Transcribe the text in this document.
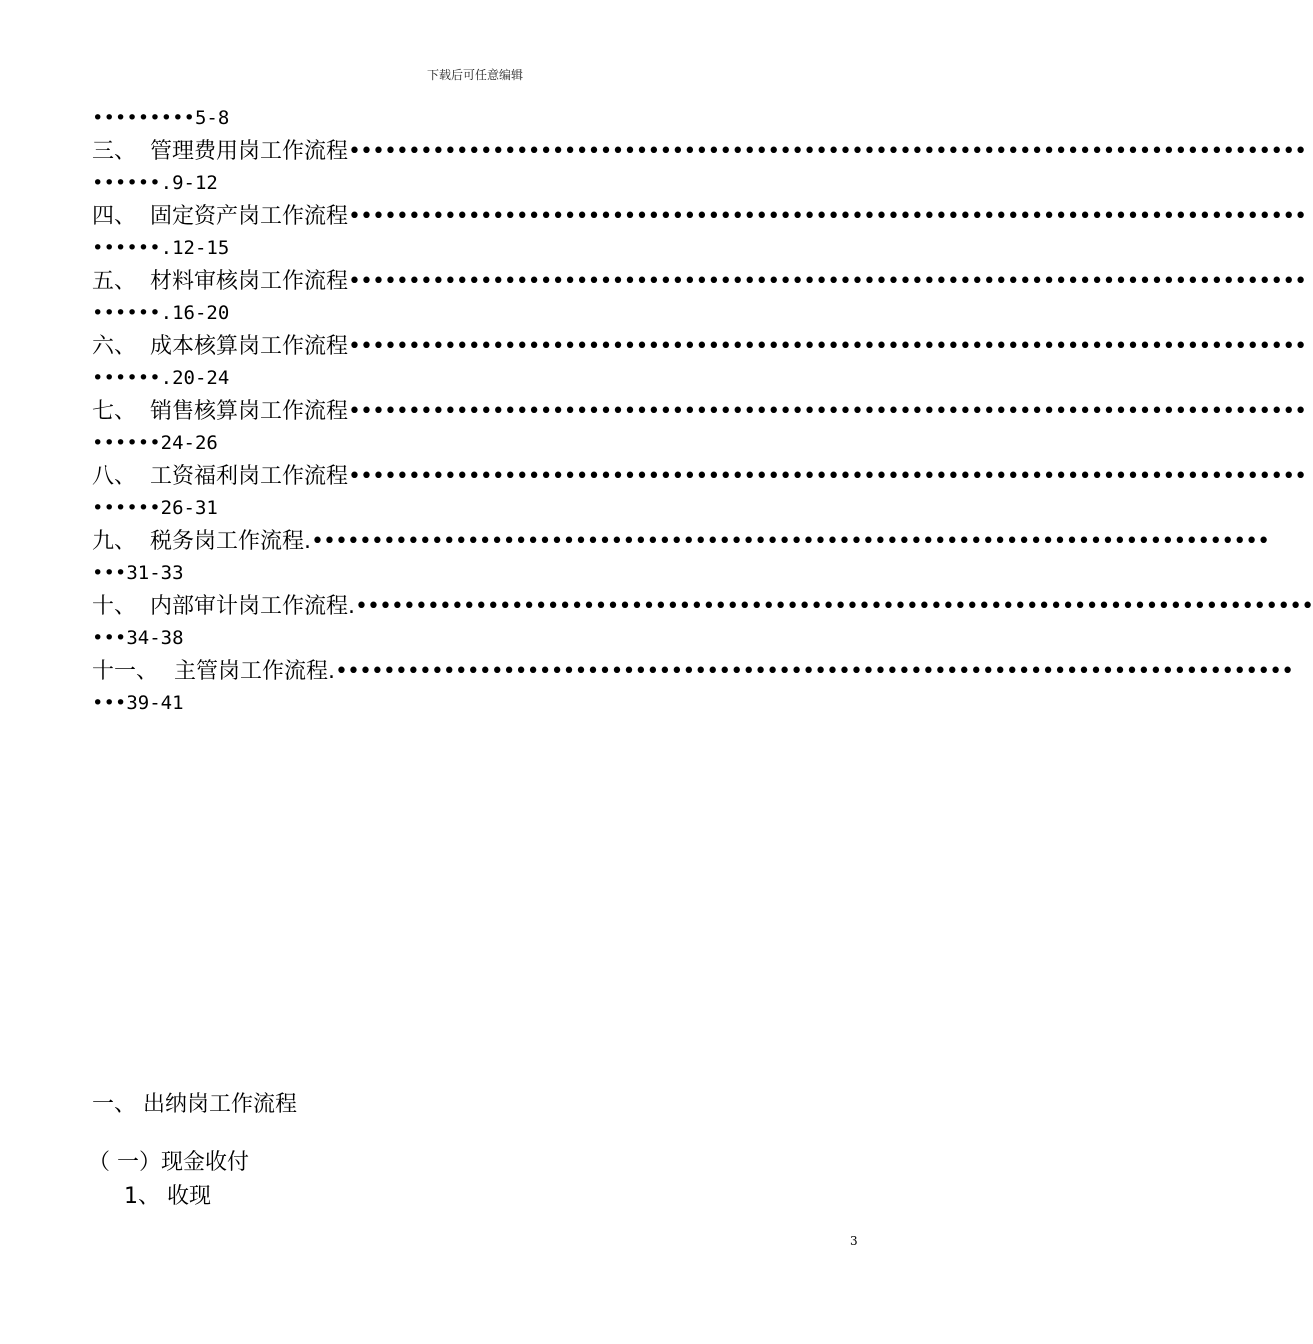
下载后可任意编辑
•••••••••5-8
三、 管理费用岗工作流程••••••••••••••••••••••••••••••••••••••••••••••••••••••••••••••••••••••••••••••••
••••••.9-12
四、 固定资产岗工作流程••••••••••••••••••••••••••••••••••••••••••••••••••••••••••••••••••••••••••••••••
••••••.12-15
五、 材料审核岗工作流程••••••••••••••••••••••••••••••••••••••••••••••••••••••••••••••••••••••••••••••••
••••••.16-20
六、 成本核算岗工作流程••••••••••••••••••••••••••••••••••••••••••••••••••••••••••••••••••••••••••••••••
••••••.20-24
七、 销售核算岗工作流程••••••••••••••••••••••••••••••••••••••••••••••••••••••••••••••••••••••••••••••••
••••••24-26
八、 工资福利岗工作流程••••••••••••••••••••••••••••••••••••••••••••••••••••••••••••••••••••••••••••••••
••••••26-31
九、 税务岗工作流程.••••••••••••••••••••••••••••••••••••••••••••••••••••••••••••••••••••••••••••••••
•••31-33
十、 内部审计岗工作流程.••••••••••••••••••••••••••••••••••••••••••••••••••••••••••••••••••••••••••••••••
•••34-38
十一、 主管岗工作流程.••••••••••••••••••••••••••••••••••••••••••••••••••••••••••••••••••••••••••••••••
•••39-41
一、 出纳岗工作流程
（ 一）现金收付
1、 收现
3
